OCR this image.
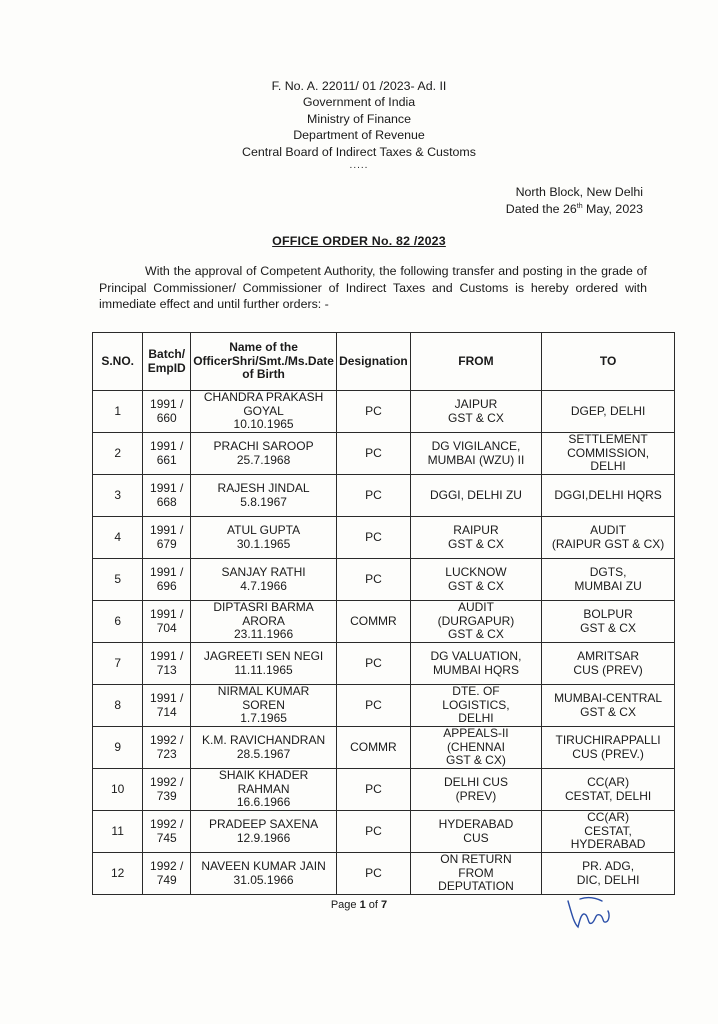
F. No. A. 22011/ 01 /2023- Ad. II
Government of India
Ministry of Finance
Department of Revenue
Central Board of Indirect Taxes & Customs
.....
North Block, New Delhi
Dated the 26th May, 2023
OFFICE ORDER No. 82 /2023
With the approval of Competent Authority, the following transfer and posting in the grade of Principal Commissioner/ Commissioner of Indirect Taxes and Customs is hereby ordered with immediate effect and until further orders: -
S.NO.	Batch/ EmpID	Name of the OfficerShri/Smt./Ms.Date of Birth	Designation	FROM	TO
1	1991 /
660	CHANDRA PRAKASH
GOYAL
10.10.1965	PC	JAIPUR
GST & CX	DGEP, DELHI

2	1991 /
661	PRACHI SAROOP
25.7.1968	PC	DG VIGILANCE,
MUMBAI (WZU) II	SETTLEMENT
COMMISSION,
DELHI

3	1991 /
668	RAJESH JINDAL
5.8.1967	PC	DGGI, DELHI ZU	DGGI,DELHI HQRS

4	1991 /
679	ATUL GUPTA
30.1.1965	PC	RAIPUR
GST & CX	AUDIT
(RAIPUR GST & CX)

5	1991 /
696	SANJAY RATHI
4.7.1966	PC	LUCKNOW
GST & CX	DGTS,
MUMBAI ZU

6	1991 /
704	DIPTASRI BARMA
ARORA
23.11.1966	COMMR	AUDIT
(DURGAPUR)
GST & CX	BOLPUR
GST & CX

7	1991 /
713	JAGREETI SEN NEGI
11.11.1965	PC	DG VALUATION,
MUMBAI HQRS	AMRITSAR
CUS (PREV)

8	1991 /
714	NIRMAL KUMAR
SOREN
1.7.1965	PC	DTE. OF
LOGISTICS,
DELHI	MUMBAI-CENTRAL
GST & CX

9	1992 /
723	K.M. RAVICHANDRAN
28.5.1967	COMMR	APPEALS-II
(CHENNAI
GST & CX)	TIRUCHIRAPPALLI
CUS (PREV.)

10	1992 /
739	SHAIK KHADER
RAHMAN
16.6.1966	PC	DELHI CUS
(PREV)	CC(AR)
CESTAT, DELHI

11	1992 /
745	PRADEEP SAXENA
12.9.1966	PC	HYDERABAD
CUS	CC(AR)
CESTAT,
HYDERABAD

12	1992 /
749	NAVEEN KUMAR JAIN
31.05.1966	PC	ON RETURN
FROM
DEPUTATION	PR. ADG,
DIC, DELHI
Page 1 of 7
